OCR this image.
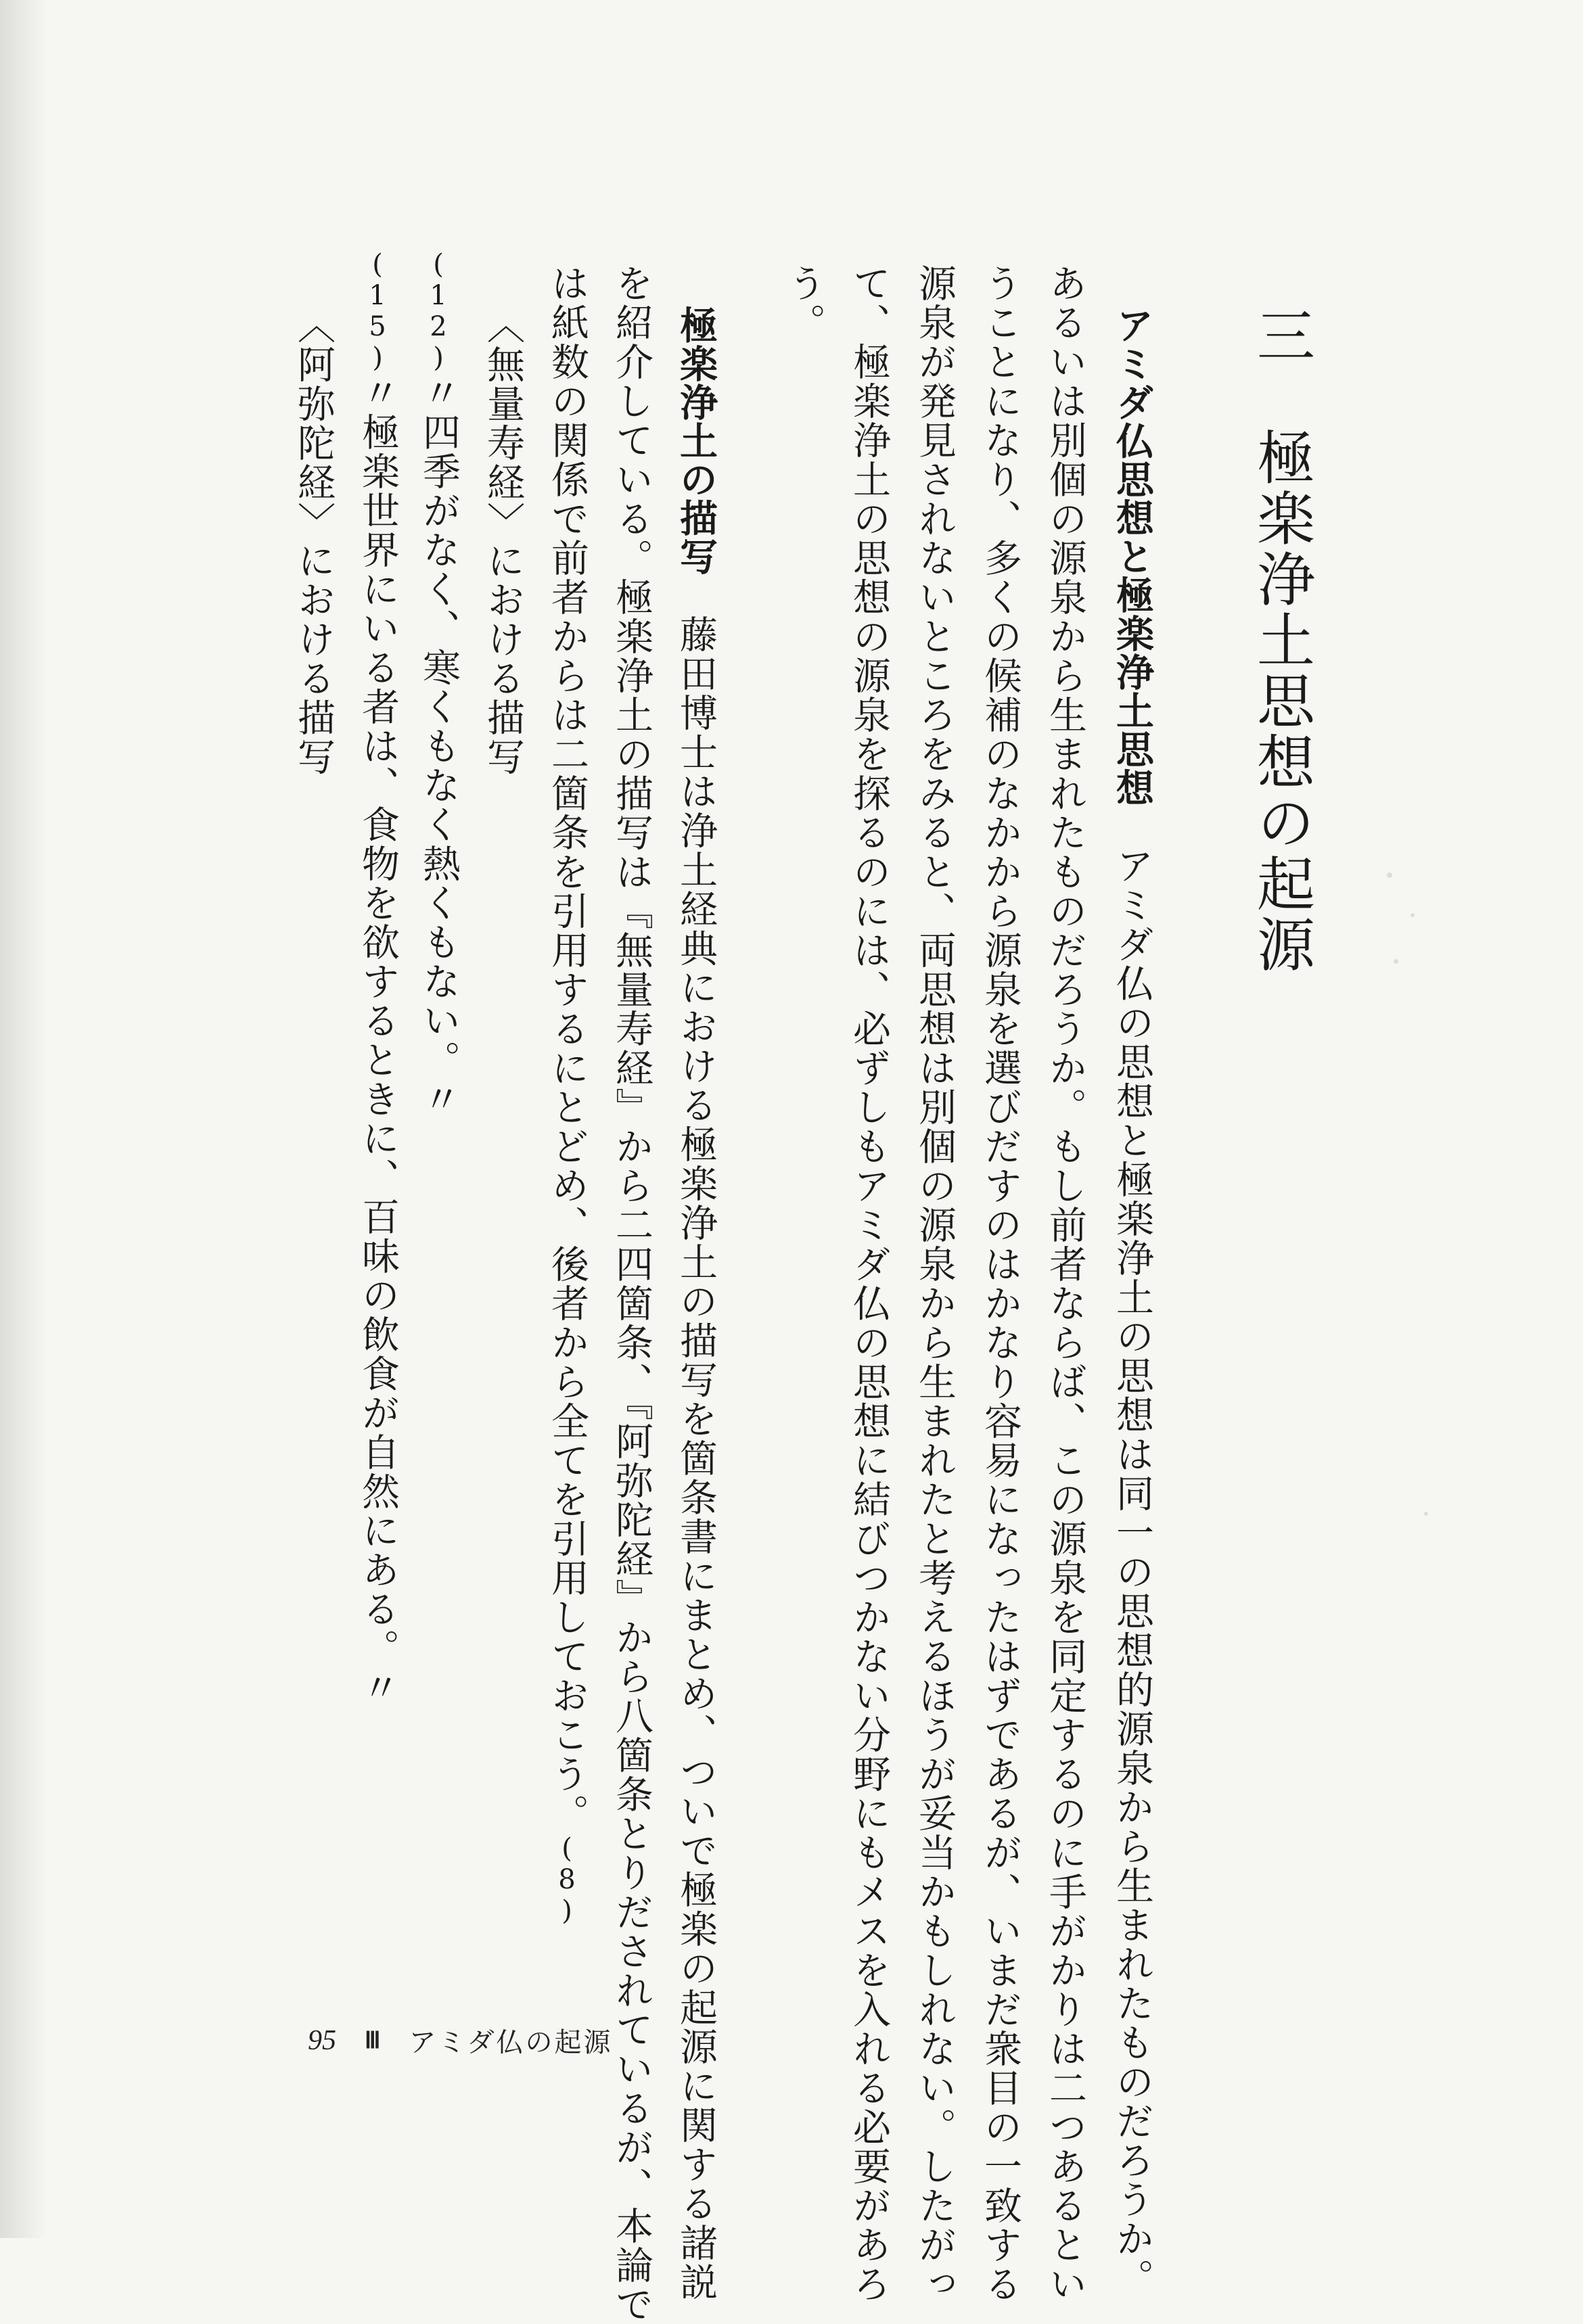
三　極楽浄土思想の起源
アミダ仏思想と極楽浄土思想　アミダ仏の思想と極楽浄土の思想は同一の思想的源泉から生まれたものだろうか。
あるいは別個の源泉から生まれたものだろうか。もし前者ならば、この源泉を同定するのに手がかりは二つあるとい
うことになり、多くの候補のなかから源泉を選びだすのはかなり容易になったはずであるが、いまだ衆目の一致する
源泉が発見されないところをみると、両思想は別個の源泉から生まれたと考えるほうが妥当かもしれない。したがっ
て、極楽浄土の思想の源泉を探るのには、必ずしもアミダ仏の思想に結びつかない分野にもメスを入れる必要があろ
う。
極楽浄土の描写　藤田博士は浄土経典における極楽浄土の描写を箇条書にまとめ、ついで極楽の起源に関する諸説
を紹介している。極楽浄土の描写は『無量寿経』から二四箇条、『阿弥陀経』から八箇条とりだされているが、本論で
は紙数の関係で前者からは二箇条を引用するにとどめ、後者から全てを引用しておこう。(8)
〈無量寿経〉における描写
(12)〃四季がなく、寒くもなく熱くもない。〃
(15)〃極楽世界にいる者は、食物を欲するときに、百味の飲食が自然にある。〃
〈阿弥陀経〉における描写
95 Ⅲ アミダ仏の起源
